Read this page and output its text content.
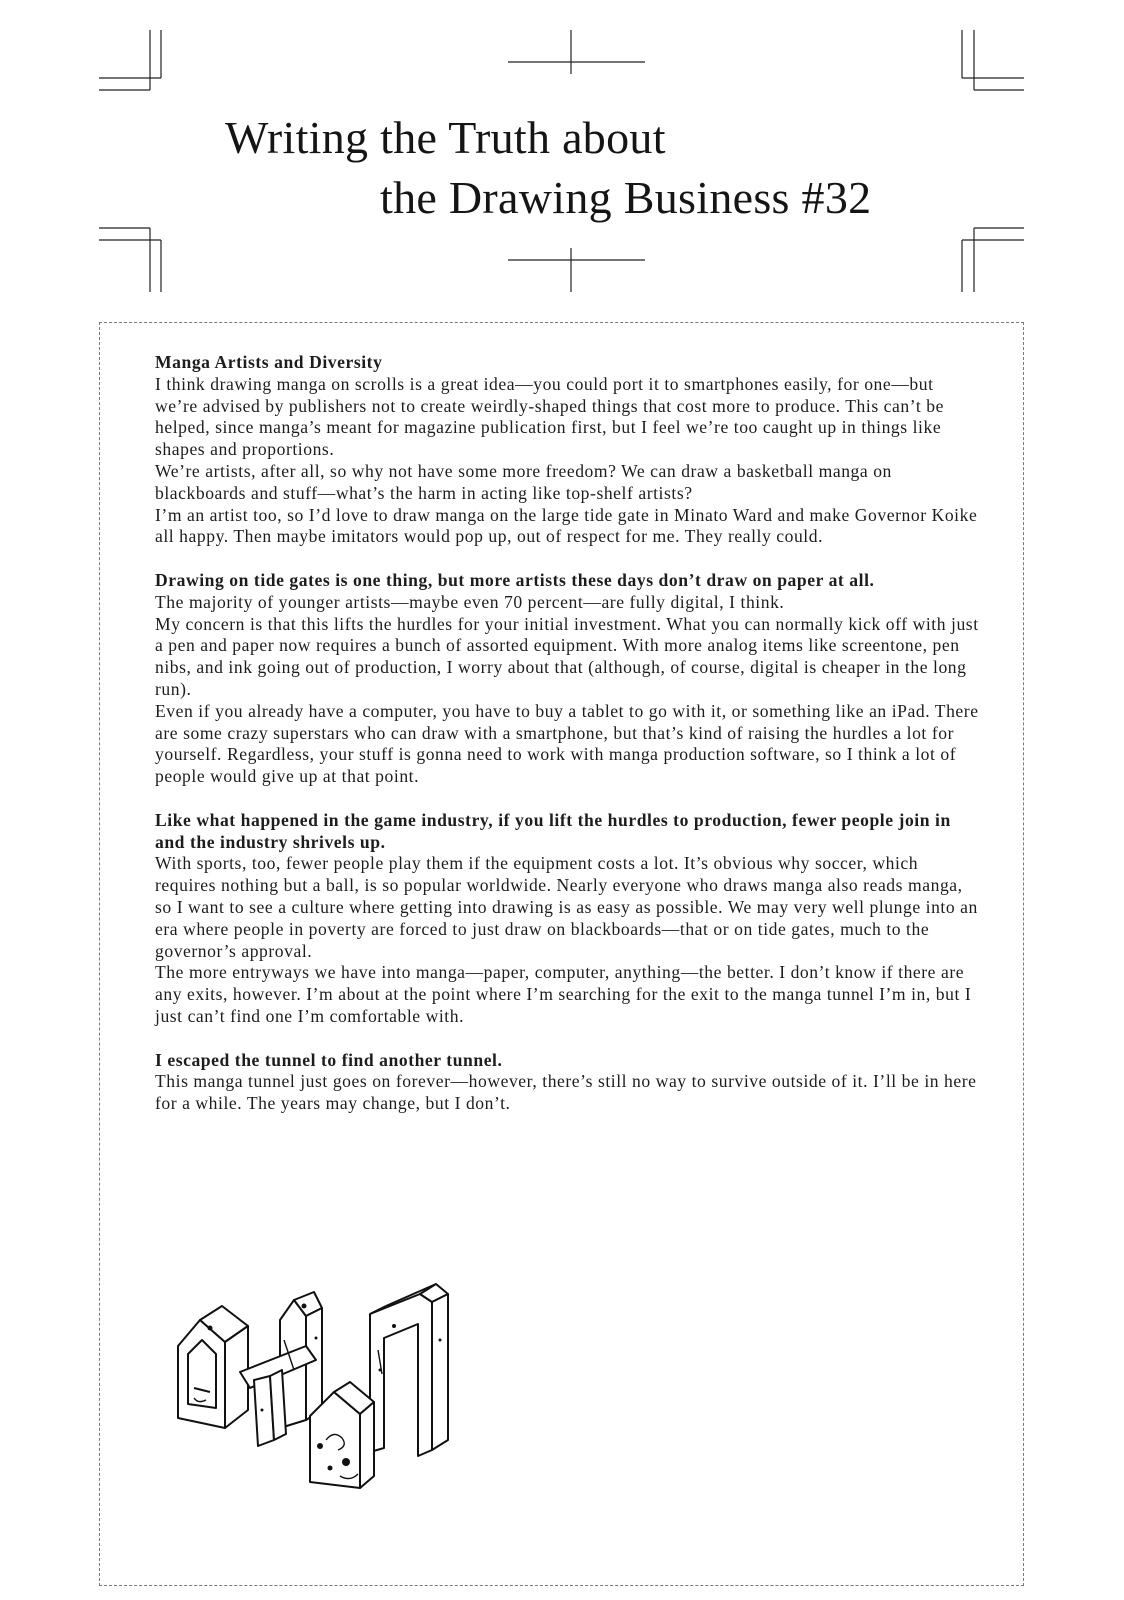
Writing the Truth about
the Drawing Business #32

Manga Artists and Diversity

I think drawing manga on scrolls is a great idea—you could port it to smartphones easily, for one—but we’re advised by publishers not to create weirdly-shaped things that cost more to produce. This can’t be helped, since manga’s meant for magazine publication first, but I feel we’re too caught up in things like shapes and proportions.

We’re artists, after all, so why not have some more freedom? We can draw a basketball manga on blackboards and stuff—what’s the harm in acting like top-shelf artists?

I’m an artist too, so I’d love to draw manga on the large tide gate in Minato Ward and make Governor Koike all happy. Then maybe imitators would pop up, out of respect for me. They really could.

Drawing on tide gates is one thing, but more artists these days don’t draw on paper at all.

The majority of younger artists—maybe even 70 percent—are fully digital, I think.

My concern is that this lifts the hurdles for your initial investment. What you can normally kick off with just a pen and paper now requires a bunch of assorted equipment. With more analog items like screentone, pen nibs, and ink going out of production, I worry about that (although, of course, digital is cheaper in the long run).

Even if you already have a computer, you have to buy a tablet to go with it, or something like an iPad. There are some crazy superstars who can draw with a smartphone, but that’s kind of raising the hurdles a lot for yourself. Regardless, your stuff is gonna need to work with manga production software, so I think a lot of people would give up at that point.

Like what happened in the game industry, if you lift the hurdles to production, fewer people join in and the industry shrivels up.

With sports, too, fewer people play them if the equipment costs a lot. It’s obvious why soccer, which requires nothing but a ball, is so popular worldwide. Nearly everyone who draws manga also reads manga, so I want to see a culture where getting into drawing is as easy as possible. We may very well plunge into an era where people in poverty are forced to just draw on blackboards—that or on tide gates, much to the governor’s approval.

The more entryways we have into manga—paper, computer, anything—the better. I don’t know if there are any exits, however. I’m about at the point where I’m searching for the exit to the manga tunnel I’m in, but I just can’t find one I’m comfortable with.

I escaped the tunnel to find another tunnel.

This manga tunnel just goes on forever—however, there’s still no way to survive outside of it. I’ll be in here for a while. The years may change, but I don’t.
